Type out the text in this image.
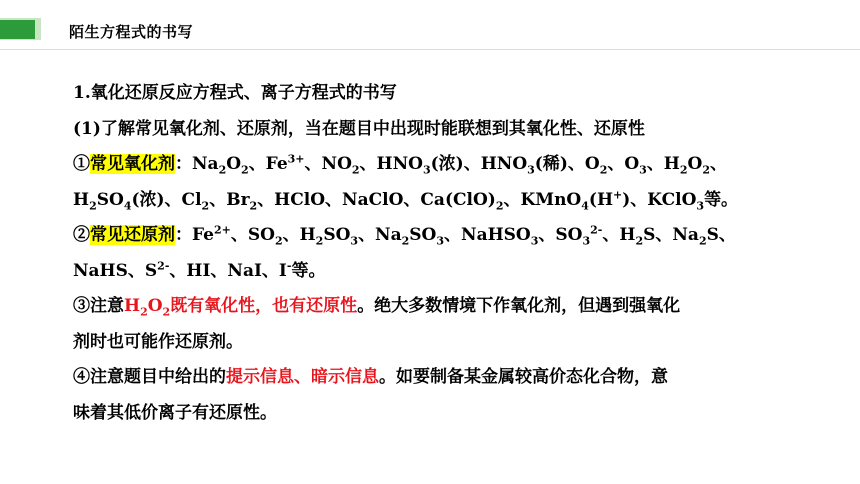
陌生方程式的书写
1.氧化还原反应方程式、离子方程式的书写
(1)了解常见氧化剂、还原剂，当在题目中出现时能联想到其氧化性、还原性
①常见氧化剂：$Na_2O_2$、$Fe^{3+}$、$NO_2$、$HNO_3$(浓)、$HNO_3$(稀)、$O_2$、$O_3$、$H_2O_2$、
$H_2SO_4$(浓)、$Cl_2$、$Br_2$、HClO、NaClO、$Ca(ClO)_2$、KMnO$_4$(H+)、KClO$_3$等。
②常见还原剂：$Fe^{2+}$、$SO_2$、$H_2SO_3$、$Na_2SO_3$、NaHSO$_3$、$SO_3^{2-}$、$H_2S$、$Na_2S$、
NaHS、$S^{2-}$、HI、NaI、I-等。
③注意$H_2O_2$既有氧化性，也有还原性。绝大多数情境下作氧化剂，但遇到强氧化
剂时也可能作还原剂。
④注意题目中给出的提示信息、暗示信息。如要制备某金属较高价态化合物，意
味着其低价离子有还原性。
